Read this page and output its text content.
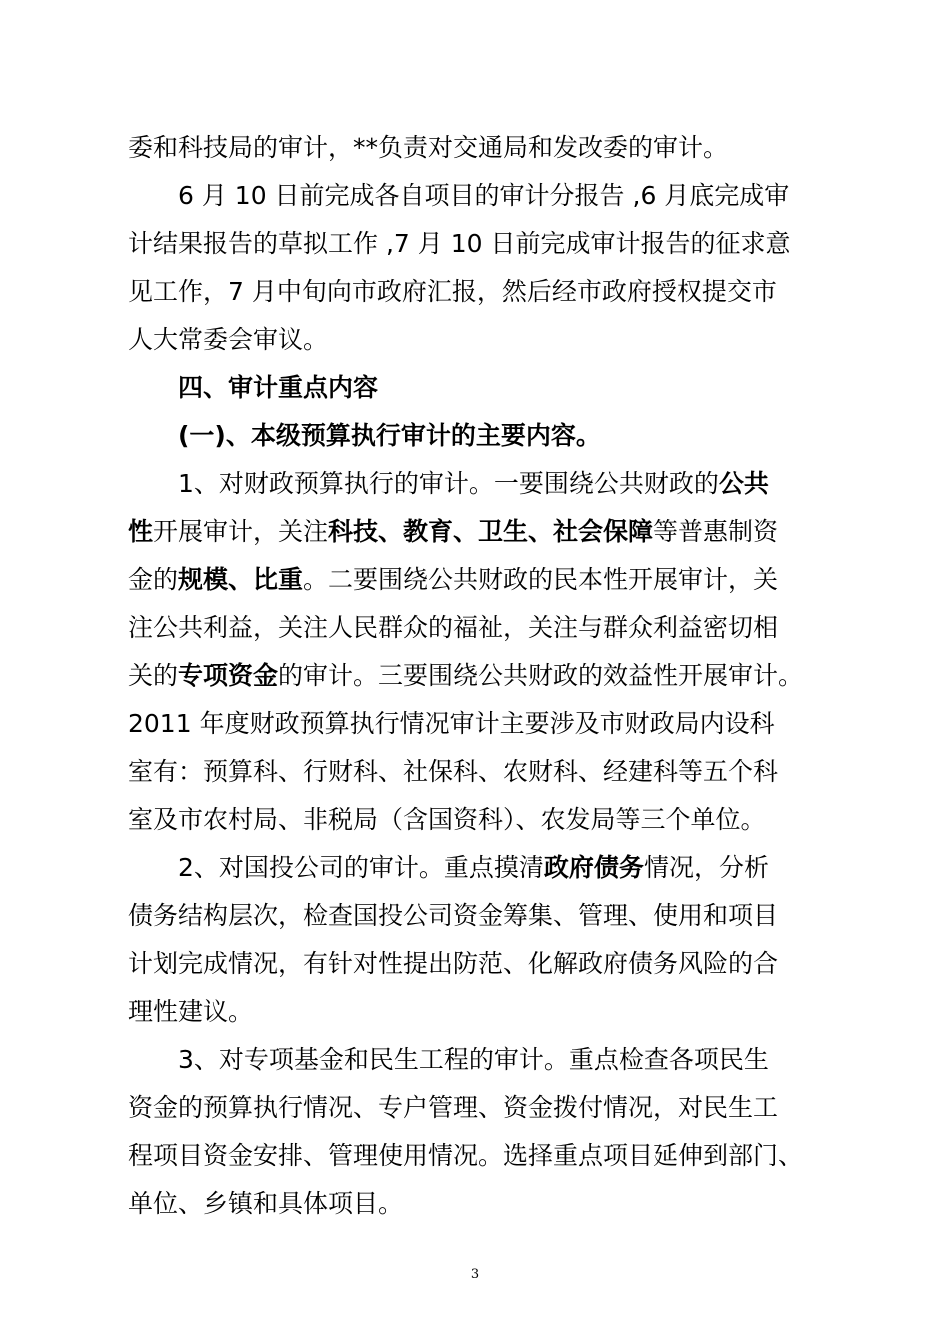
委和科技局的审计，**负责对交通局和发改委的审计。
6 月 10 日前完成各自项目的审计分报告 ,6 月底完成审
计结果报告的草拟工作 ,7 月 10 日前完成审计报告的征求意
见工作，7 月中旬向市政府汇报，然后经市政府授权提交市
人大常委会审议。
四、审计重点内容
(一)、本级预算执行审计的主要内容。
1、对财政预算执行的审计。一要围绕公共财政的公共
性开展审计，关注科技、教育、卫生、社会保障等普惠制资
金的规模、比重。二要围绕公共财政的民本性开展审计，关
注公共利益，关注人民群众的福祉，关注与群众利益密切相
关的专项资金的审计。三要围绕公共财政的效益性开展审计。
2011 年度财政预算执行情况审计主要涉及市财政局内设科
室有：预算科、行财科、社保科、农财科、经建科等五个科
室及市农村局、非税局（含国资科）、农发局等三个单位。
2、对国投公司的审计。重点摸清政府债务情况，分析
债务结构层次，检查国投公司资金筹集、管理、使用和项目
计划完成情况，有针对性提出防范、化解政府债务风险的合
理性建议。
3、对专项基金和民生工程的审计。重点检查各项民生
资金的预算执行情况、专户管理、资金拨付情况，对民生工
程项目资金安排、管理使用情况。选择重点项目延伸到部门、
单位、乡镇和具体项目。
3
